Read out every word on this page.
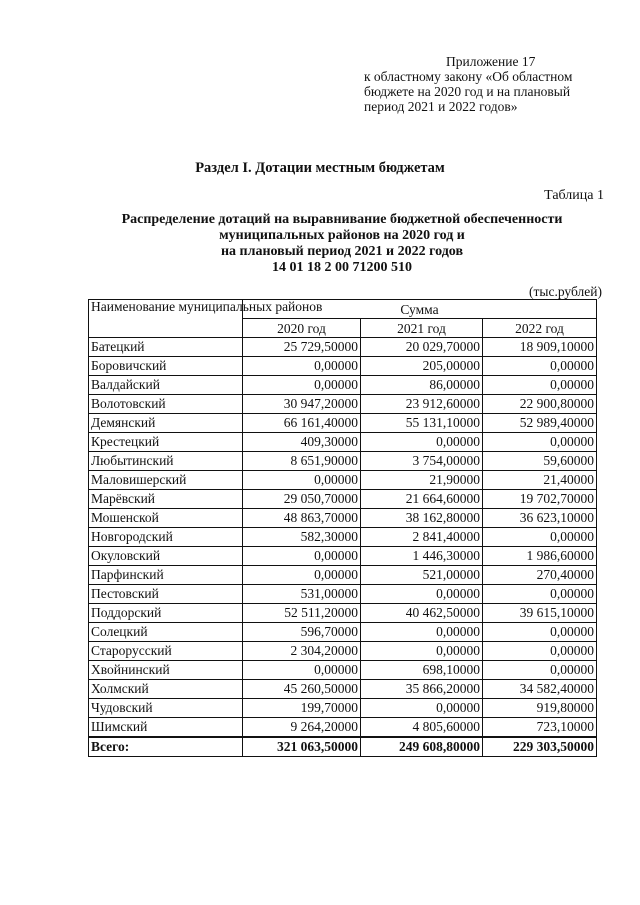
Приложение 17
к областному закону «Об областном
бюджете на 2020 год и на плановый
период 2021 и 2022 годов»
Раздел I. Дотации местным бюджетам
Таблица 1
Распределение дотаций на выравнивание бюджетной обеспеченности
муниципальных районов на 2020 год и
на плановый период 2021 и 2022 годов
14 01 18 2 00 71200 510
(тыс.рублей)
Наименование муниципальных районов	Сумма		
	2020 год	2021 год	2022 год
Батецкий	25 729,50000	20 029,70000	18 909,10000
Боровичский	0,00000	205,00000	0,00000
Валдайский	0,00000	86,00000	0,00000
Волотовский	30 947,20000	23 912,60000	22 900,80000
Демянский	66 161,40000	55 131,10000	52 989,40000
Крестецкий	409,30000	0,00000	0,00000
Любытинский	8 651,90000	3 754,00000	59,60000
Маловишерский	0,00000	21,90000	21,40000
Марёвский	29 050,70000	21 664,60000	19 702,70000
Мошенской	48 863,70000	38 162,80000	36 623,10000
Новгородский	582,30000	2 841,40000	0,00000
Окуловский	0,00000	1 446,30000	1 986,60000
Парфинский	0,00000	521,00000	270,40000
Пестовский	531,00000	0,00000	0,00000
Поддорский	52 511,20000	40 462,50000	39 615,10000
Солецкий	596,70000	0,00000	0,00000
Старорусский	2 304,20000	0,00000	0,00000
Хвойнинский	0,00000	698,10000	0,00000
Холмский	45 260,50000	35 866,20000	34 582,40000
Чудовский	199,70000	0,00000	919,80000
Шимский	9 264,20000	4 805,60000	723,10000
Всего:	321 063,50000	249 608,80000	229 303,50000
